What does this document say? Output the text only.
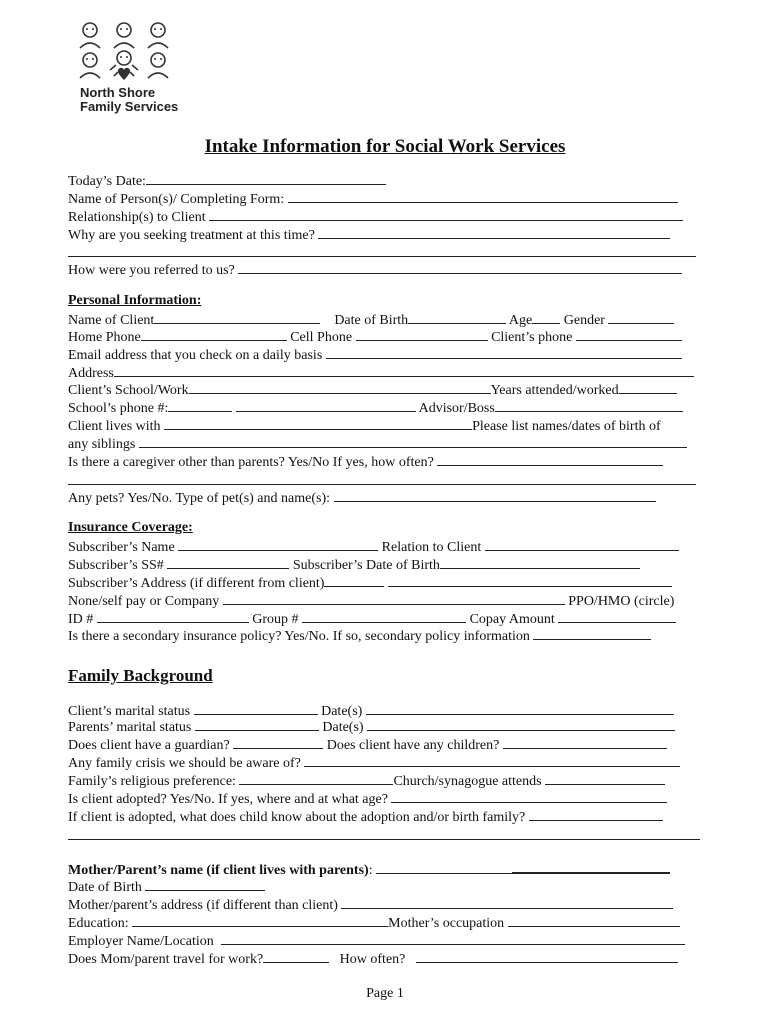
North Shore
Family Services
Intake Information for Social Work Services
Today’s Date:
Name of Person(s)/ Completing Form:
Relationship(s) to Client
Why are you seeking treatment at this time?
How were you referred to us?
Personal Information:
Name of Client	Date of Birth	Age Gender
Home Phone	Cell Phone	Client’s phone
Email address that you check on a daily basis
Address
Client’s School/Work	Years attended/worked
School’s phone #:	Advisor/Boss
Client lives with	Please list names/dates of birth of
any siblings
Is there a caregiver other than parents? Yes/No If yes, how often?
Any pets? Yes/No. Type of pet(s) and name(s):
Insurance Coverage:
Subscriber’s Name	Relation to Client
Subscriber’s SS#	Subscriber’s Date of Birth
Subscriber’s Address (if different from client)
None/self pay or Company	PPO/HMO (circle)
ID #	Group #	Copay Amount
Is there a secondary insurance policy? Yes/No. If so, secondary policy information
Family Background
Client’s marital status	Date(s)
Parents’ marital status	Date(s)
Does client have a guardian?	Does client have any children?
Any family crisis we should be aware of?
Family’s religious preference:	Church/synagogue attends
Is client adopted? Yes/No. If yes, where and at what age?
If client is adopted, what does child know about the adoption and/or birth family?
Mother/Parent’s name (if client lives with parents):
Date of Birth
Mother/parent’s address (if different than client)
Education:	Mother’s occupation
Employer Name/Location
Does Mom/parent travel for work?	How often?
Page 1
